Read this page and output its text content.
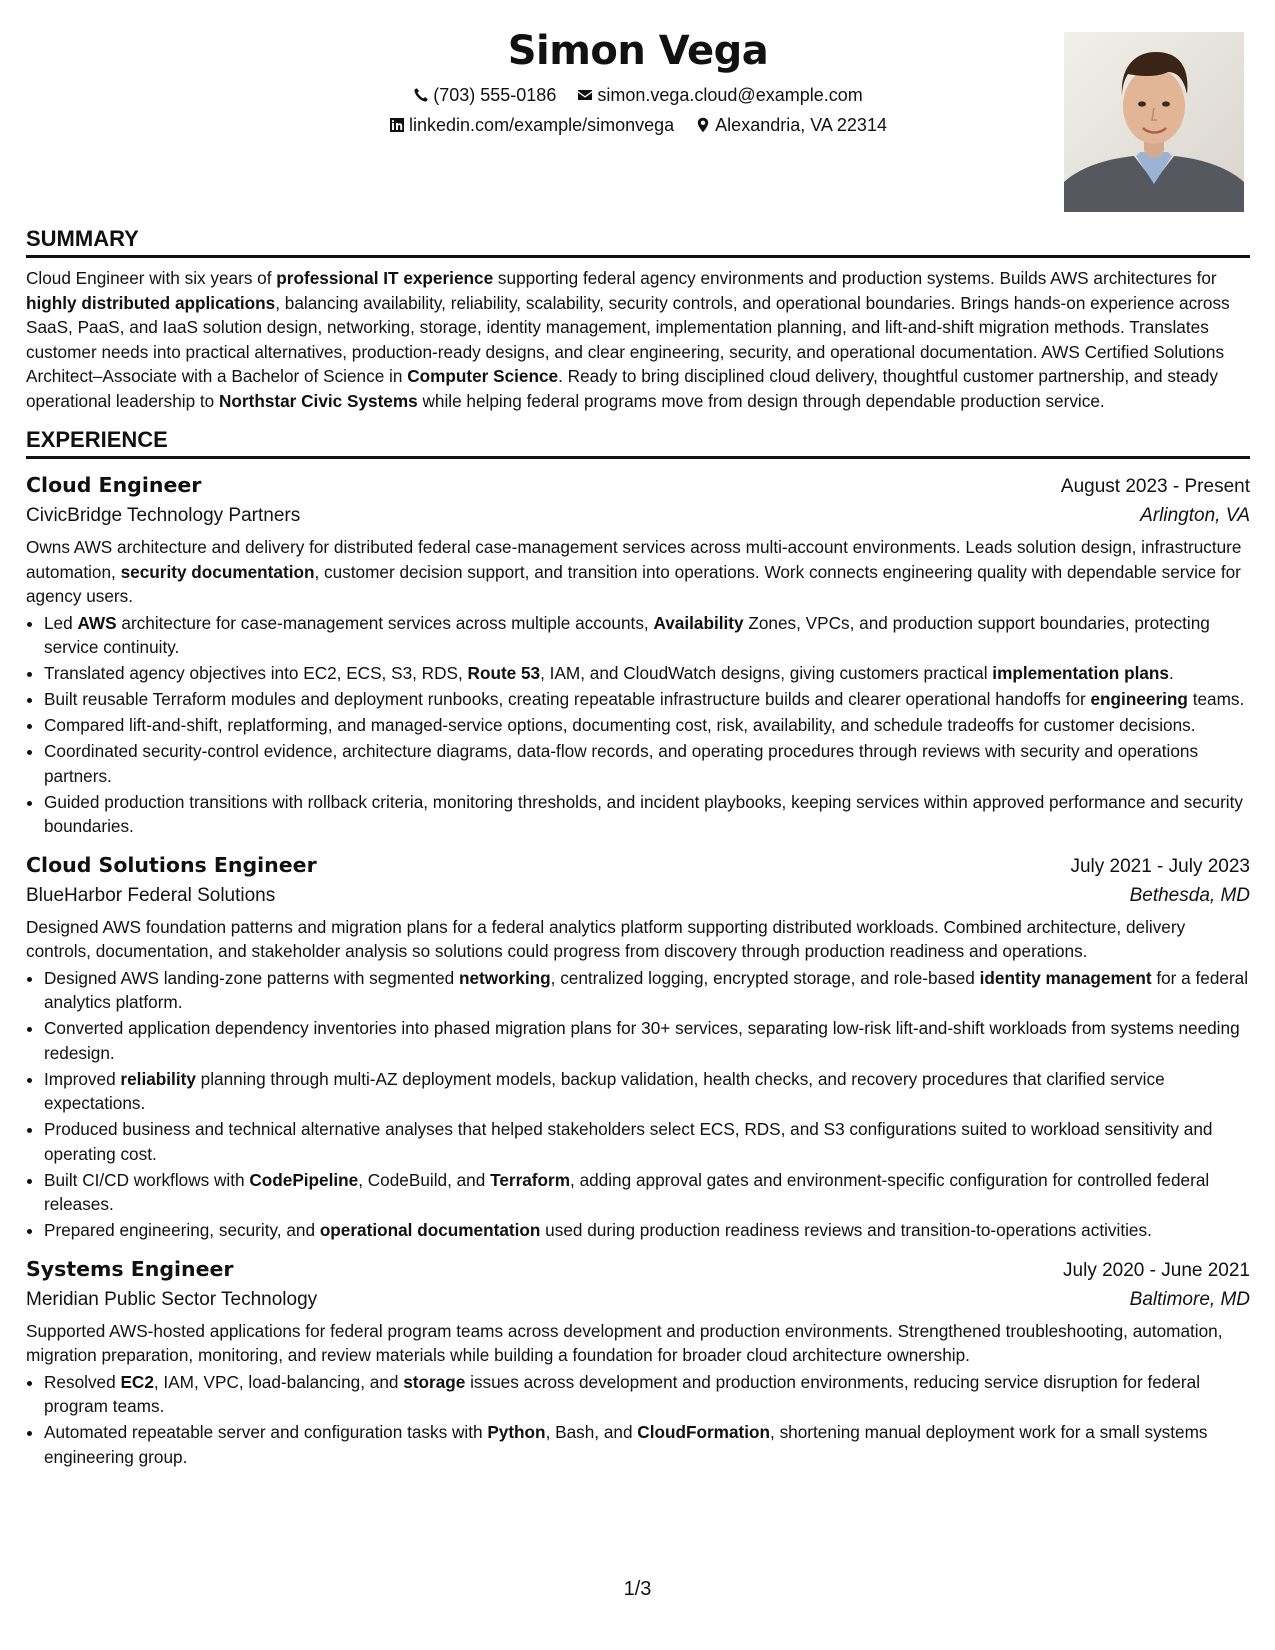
Simon Vega
(703) 555-0186
simon.vega.cloud@example.com
linkedin.com/example/simonvega
Alexandria, VA 22314
SUMMARY

Cloud Engineer with six years of professional IT experience supporting federal agency environments and production systems. Builds AWS architectures for highly distributed applications, balancing availability, reliability, scalability, security controls, and operational boundaries. Brings hands-on experience across SaaS, PaaS, and IaaS solution design, networking, storage, identity management, implementation planning, and lift-and-shift migration methods. Translates customer needs into practical alternatives, production-ready designs, and clear engineering, security, and operational documentation. AWS Certified Solutions Architect–Associate with a Bachelor of Science in Computer Science. Ready to bring disciplined cloud delivery, thoughtful customer partnership, and steady operational leadership to Northstar Civic Systems while helping federal programs move from design through dependable production service.

EXPERIENCE
Cloud Engineer	August 2023 - Present
CivicBridge Technology Partners	Arlington, VA

Owns AWS architecture and delivery for distributed federal case-management services across multi-account environments. Leads solution design, infrastructure automation, security documentation, customer decision support, and transition into operations. Work connects engineering quality with dependable service for agency users.

• Led AWS architecture for case-management services across multiple accounts, Availability Zones, VPCs, and production support boundaries, protecting service continuity.
• Translated agency objectives into EC2, ECS, S3, RDS, Route 53, IAM, and CloudWatch designs, giving customers practical implementation plans.
• Built reusable Terraform modules and deployment runbooks, creating repeatable infrastructure builds and clearer operational handoffs for engineering teams.
• Compared lift-and-shift, replatforming, and managed-service options, documenting cost, risk, availability, and schedule tradeoffs for customer decisions.
• Coordinated security-control evidence, architecture diagrams, data-flow records, and operating procedures through reviews with security and operations partners.
• Guided production transitions with rollback criteria, monitoring thresholds, and incident playbooks, keeping services within approved performance and security boundaries.
Cloud Solutions Engineer	July 2021 - July 2023
BlueHarbor Federal Solutions	Bethesda, MD

Designed AWS foundation patterns and migration plans for a federal analytics platform supporting distributed workloads. Combined architecture, delivery controls, documentation, and stakeholder analysis so solutions could progress from discovery through production readiness and operations.

• Designed AWS landing-zone patterns with segmented networking, centralized logging, encrypted storage, and role-based identity management for a federal analytics platform.
• Converted application dependency inventories into phased migration plans for 30+ services, separating low-risk lift-and-shift workloads from systems needing redesign.
• Improved reliability planning through multi-AZ deployment models, backup validation, health checks, and recovery procedures that clarified service expectations.
• Produced business and technical alternative analyses that helped stakeholders select ECS, RDS, and S3 configurations suited to workload sensitivity and operating cost.
• Built CI/CD workflows with CodePipeline, CodeBuild, and Terraform, adding approval gates and environment-specific configuration for controlled federal releases.
• Prepared engineering, security, and operational documentation used during production readiness reviews and transition-to-operations activities.
Systems Engineer	July 2020 - June 2021
Meridian Public Sector Technology	Baltimore, MD

Supported AWS-hosted applications for federal program teams across development and production environments. Strengthened troubleshooting, automation, migration preparation, monitoring, and review materials while building a foundation for broader cloud architecture ownership.

• Resolved EC2, IAM, VPC, load-balancing, and storage issues across development and production environments, reducing service disruption for federal program teams.
• Automated repeatable server and configuration tasks with Python, Bash, and CloudFormation, shortening manual deployment work for a small systems engineering group.
1/3
